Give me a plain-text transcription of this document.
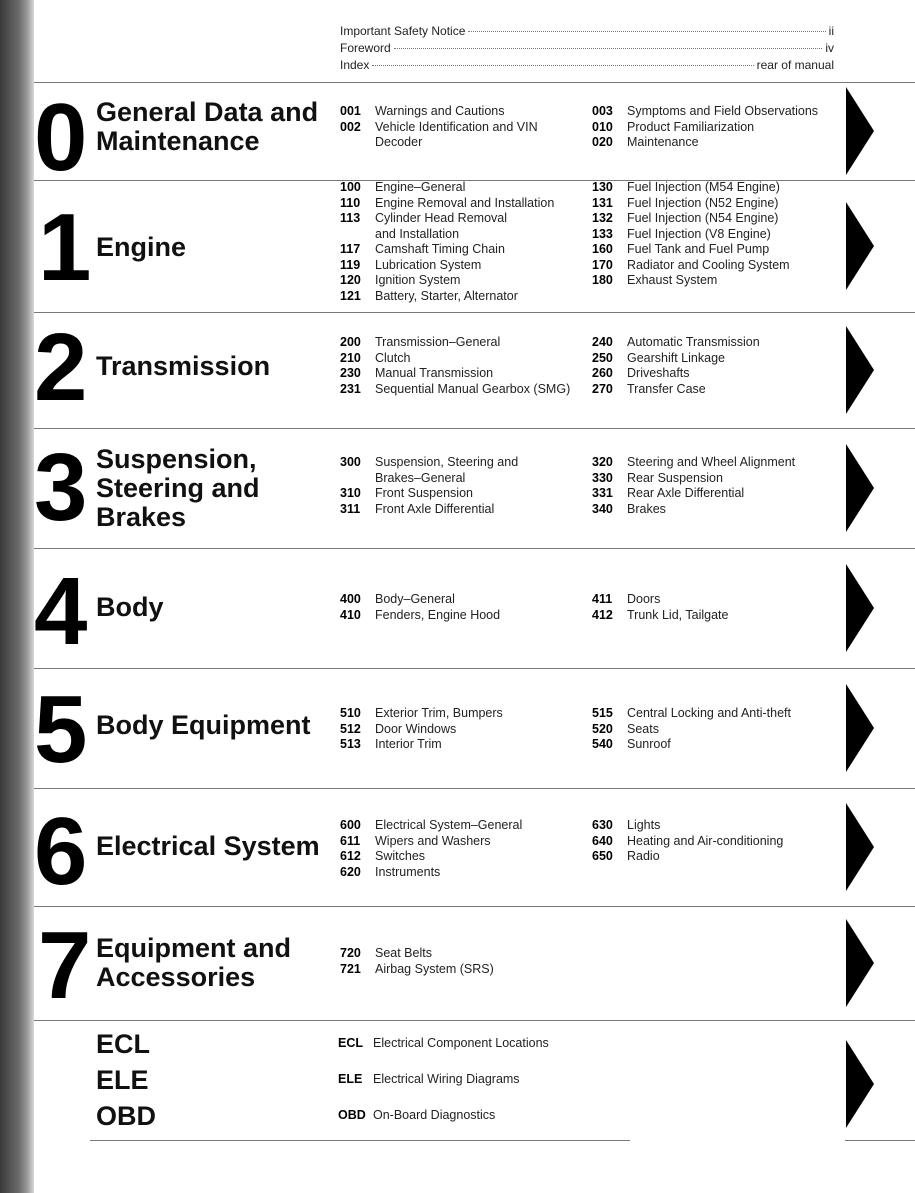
Important Safety Notice	ii
Foreword	iv
Index	rear of manual
0 General Data and Maintenance
001	Warnings and Cautions
002	Vehicle Identification and VIN
Decoder
003	Symptoms and Field Observations
010	Product Familiarization
020	Maintenance
1 Engine
100	Engine–General
110	Engine Removal and Installation
113	Cylinder Head Removal
and Installation
117	Camshaft Timing Chain
119	Lubrication System
120	Ignition System
121	Battery, Starter, Alternator
130	Fuel Injection (M54 Engine)
131	Fuel Injection (N52 Engine)
132	Fuel Injection (N54 Engine)
133	Fuel Injection (V8 Engine)
160	Fuel Tank and Fuel Pump
170	Radiator and Cooling System
180	Exhaust System
2 Transmission
200	Transmission–General
210	Clutch
230	Manual Transmission
231	Sequential Manual Gearbox (SMG)
240	Automatic Transmission
250	Gearshift Linkage
260	Driveshafts
270	Transfer Case
3 Suspension, Steering and Brakes
300	Suspension, Steering and
Brakes–General
310	Front Suspension
311	Front Axle Differential
320	Steering and Wheel Alignment
330	Rear Suspension
331	Rear Axle Differential
340	Brakes
4 Body	400	Body–General
410	Fenders, Engine Hood
411	Doors
412	Trunk Lid, Tailgate
5 Body Equipment	510	Exterior Trim, Bumpers
512	Door Windows
513	Interior Trim
515	Central Locking and Anti-theft
520	Seats
540	Sunroof
6 Electrical System
600	Electrical System–General
611	Wipers and Washers
612	Switches
620	Instruments
630	Lights
640	Heating and Air-conditioning
650	Radio
7 Equipment and Accessories
720	Seat Belts
721	Airbag System (SRS)
ECL	ECL Electrical Component Locations
ELE	ELE Electrical Wiring Diagrams
OBD	OBD On-Board Diagnostics
